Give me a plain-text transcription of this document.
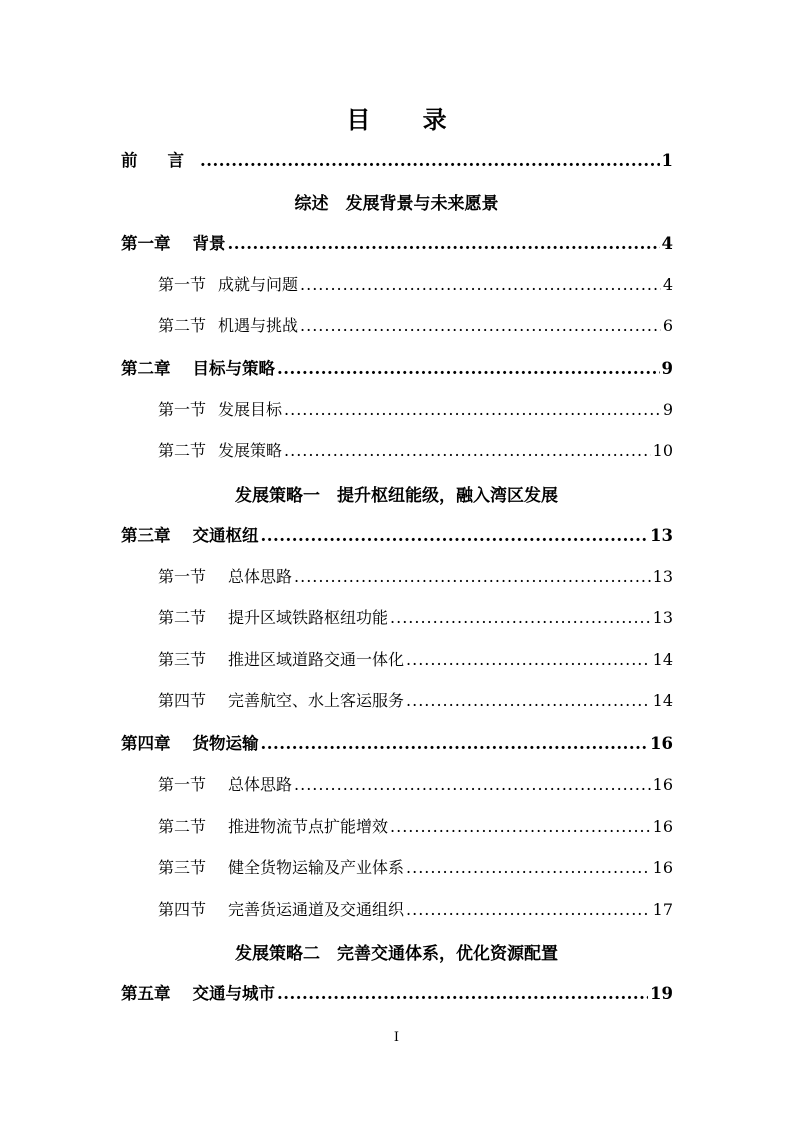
目 录
前 言 .....	1
综述　发展背景与未来愿景
第一章 背景 .....	4
第一节 成就与问题 .....	4
第二节 机遇与挑战 .....	6
第二章 目标与策略 .....	9
第一节 发展目标 .....	9
第二节 发展策略 .....	10
发展策略一　提升枢纽能级，融入湾区发展
第三章 交通枢纽 .....	13
第一节 总体思路 .....	13
第二节 提升区域铁路枢纽功能 .....	13
第三节 推进区域道路交通一体化 .....	14
第四节 完善航空、水上客运服务 .....	14
第四章 货物运输 .....	16
第一节 总体思路 .....	16
第二节 推进物流节点扩能增效 .....	16
第三节 健全货物运输及产业体系 .....	16
第四节 完善货运通道及交通组织 .....	17
发展策略二　完善交通体系，优化资源配置
第五章 交通与城市 .....	19
I
